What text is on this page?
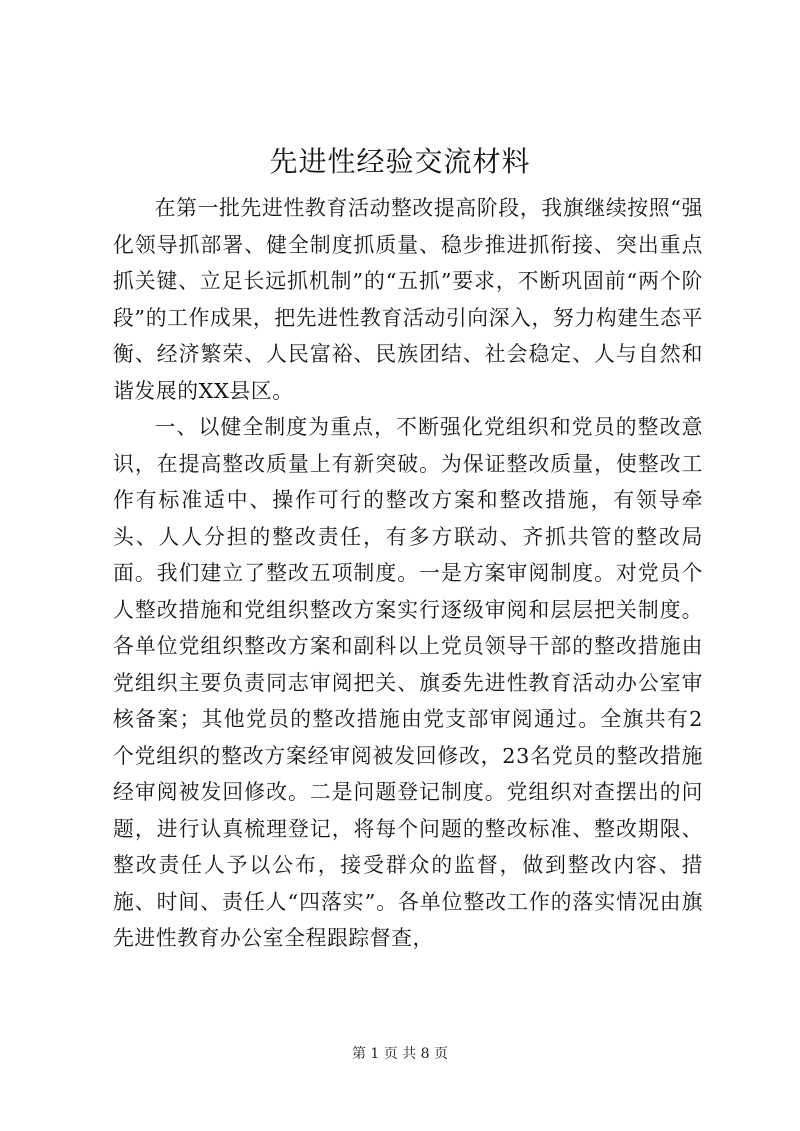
先进性经验交流材料

在第一批先进性教育活动整改提高阶段，我旗继续按照“强化领导抓部署、健全制度抓质量、稳步推进抓衔接、突出重点抓关键、立足长远抓机制”的“五抓”要求，不断巩固前“两个阶段”的工作成果，把先进性教育活动引向深入，努力构建生态平衡、经济繁荣、人民富裕、民族团结、社会稳定、人与自然和谐发展的XX县区。

一、以健全制度为重点，不断强化党组织和党员的整改意识，在提高整改质量上有新突破。为保证整改质量，使整改工作有标准适中、操作可行的整改方案和整改措施，有领导牵头、人人分担的整改责任，有多方联动、齐抓共管的整改局面。我们建立了整改五项制度。一是方案审阅制度。对党员个人整改措施和党组织整改方案实行逐级审阅和层层把关制度。各单位党组织整改方案和副科以上党员领导干部的整改措施由党组织主要负责同志审阅把关、旗委先进性教育活动办公室审核备案；其他党员的整改措施由党支部审阅通过。全旗共有2个党组织的整改方案经审阅被发回修改，23名党员的整改措施经审阅被发回修改。二是问题登记制度。党组织对查摆出的问题，进行认真梳理登记，将每个问题的整改标准、整改期限、整改责任人予以公布，接受群众的监督，做到整改内容、措施、时间、责任人“四落实”。各单位整改工作的落实情况由旗先进性教育办公室全程跟踪督查，

第 1 页 共 8 页
